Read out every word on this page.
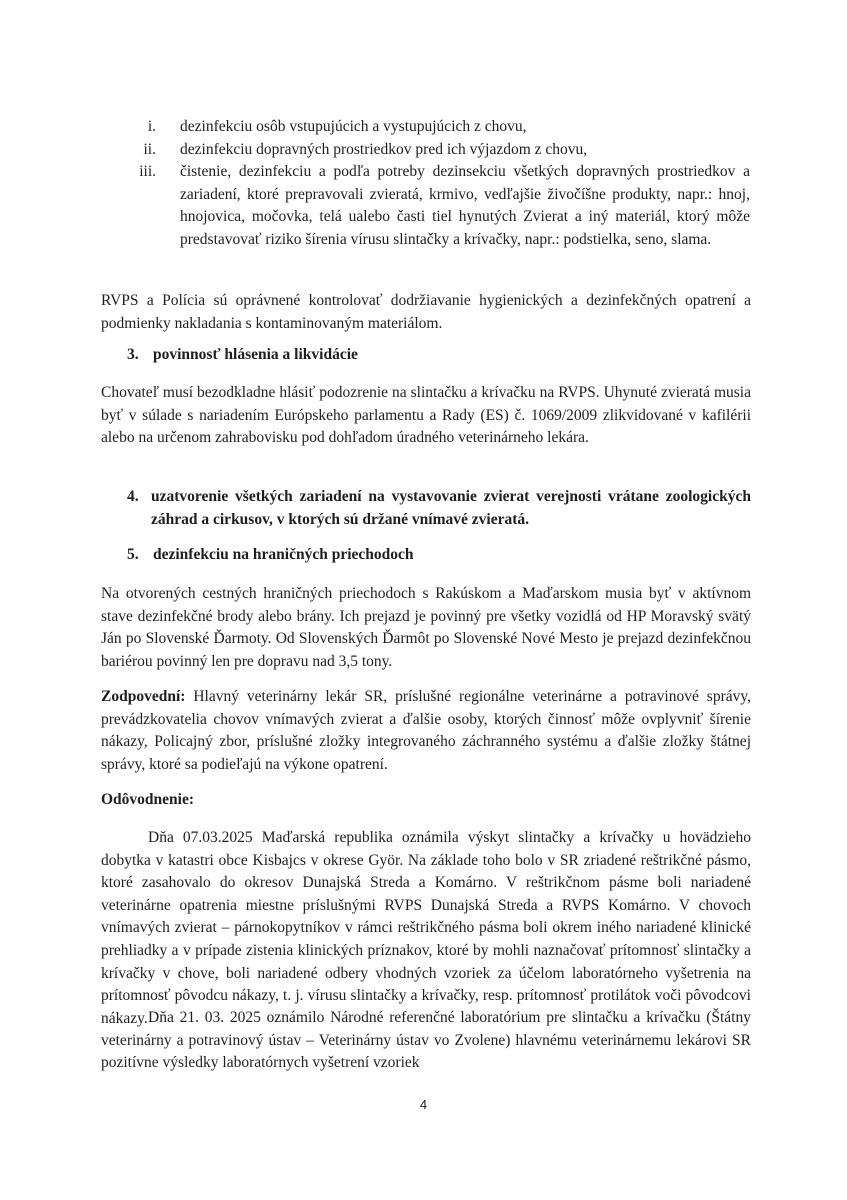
i. dezinfekciu osôb vstupujúcich a vystupujúcich z chovu,
ii. dezinfekciu dopravných prostriedkov pred ich výjazdom z chovu,
iii. čistenie, dezinfekciu a podľa potreby dezinsekciu všetkých dopravných prostriedkov a zariadení, ktoré prepravovali zvieratá, krmivo, vedľajšie živočíšne produkty, napr.: hnoj, hnojovica, močovka, telá ualebo časti tiel hynutých Zvierat a iný materiál, ktorý môže predstavovať riziko šírenia vírusu slintačky a krívačky, napr.: podstielka, seno, slama.

RVPS a Polícia sú oprávnené kontrolovať dodržiavanie hygienických a dezinfekčných opatrení a podmienky nakladania s kontaminovaným materiálom.

3. povinnosť hlásenia a likvidácie

Chovateľ musí bezodkladne hlásiť podozrenie na slintačku a krívačku na RVPS. Uhynuté zvieratá musia byť v súlade s nariadením Európskeho parlamentu a Rady (ES) č. 1069/2009 zlikvidované v kafilérii alebo na určenom zahrabovisku pod dohľadom úradného veterinárneho lekára.

4. uzatvorenie všetkých zariadení na vystavovanie zvierat verejnosti vrátane zoologických záhrad a cirkusov, v ktorých sú držané vnímavé zvieratá.

5. dezinfekciu na hraničných priechodoch

Na otvorených cestných hraničných priechodoch s Rakúskom a Maďarskom musia byť v aktívnom stave dezinfekčné brody alebo brány. Ich prejazd je povinný pre všetky vozidlá od HP Moravský svätý Ján po Slovenské Ďarmoty. Od Slovenských Ďarmôt po Slovenské Nové Mesto je prejazd dezinfekčnou bariérou povinný len pre dopravu nad 3,5 tony.

Zodpovední: Hlavný veterinárny lekár SR, príslušné regionálne veterinárne a potravinové správy, prevádzkovatelia chovov vnímavých zvierat a ďalšie osoby, ktorých činnosť môže ovplyvniť šírenie nákazy, Policajný zbor, príslušné zložky integrovaného záchranného systému a ďalšie zložky štátnej správy, ktoré sa podieľajú na výkone opatrení.

Odôvodnenie:

Dňa 07.03.2025 Maďarská republika oznámila výskyt slintačky a krívačky u hovädzieho dobytka v katastri obce Kisbajcs v okrese Györ. Na základe toho bolo v SR zriadené reštrikčné pásmo, ktoré zasahovalo do okresov Dunajská Streda a Komárno. V reštrikčnom pásme boli nariadené veterinárne opatrenia miestne príslušnými RVPS Dunajská Streda a RVPS Komárno. V chovoch vnímavých zvierat – párnokopytníkov v rámci reštrikčného pásma boli okrem iného nariadené klinické prehliadky a v prípade zistenia klinických príznakov, ktoré by mohli naznačovať prítomnosť slintačky a krívačky v chove, boli nariadené odbery vhodných vzoriek za účelom laboratórneho vyšetrenia na prítomnosť pôvodcu nákazy, t. j. vírusu slintačky a krívačky, resp. prítomnosť protilátok voči pôvodcovi nákazy. Dňa 21. 03. 2025 oznámilo Národné referenčné laboratórium pre slintačku a krívačku (Štátny veterinárny a potravinový ústav – Veterinárny ústav vo Zvolene) hlavnému veterinárnemu lekárovi SR pozitívne výsledky laboratórnych vyšetrení vzoriek

4
